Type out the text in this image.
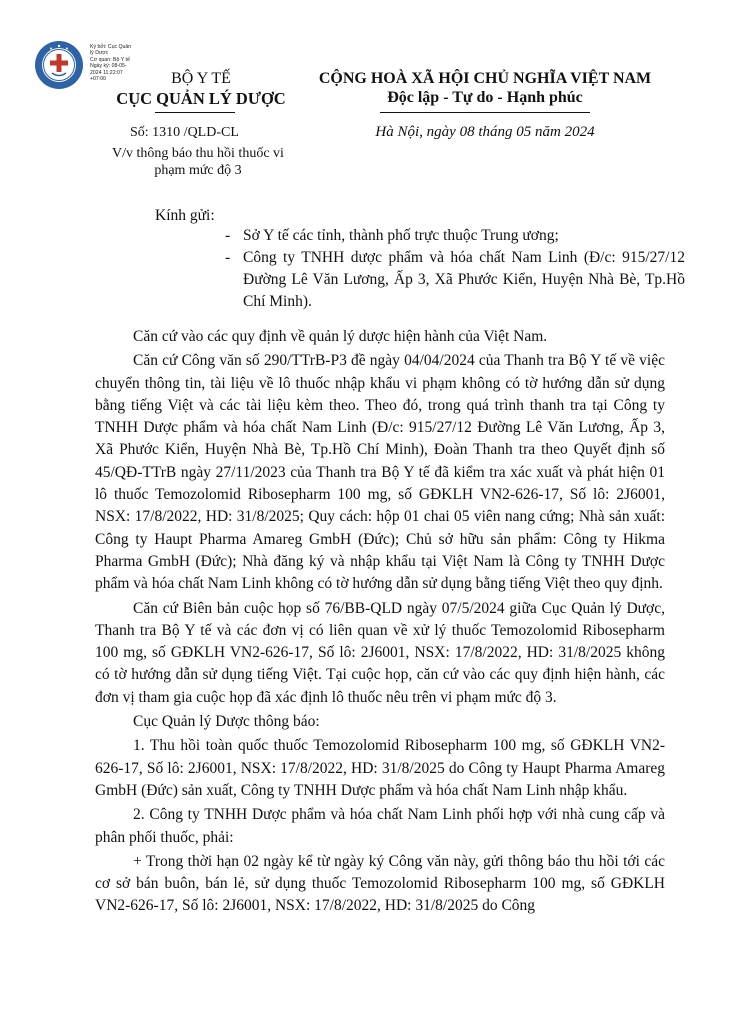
Ký bởi: Cục Quản
lý Dược
Cơ quan: Bộ Y tế
Ngày ký: 08-05-
2024 11:22:07
+07:00	BỘ Y TẾ
CỤC QUẢN LÝ DƯỢC
CỘNG HOÀ XÃ HỘI CHỦ NGHĨA VIỆT NAM
Độc lập - Tự do - Hạnh phúc
Số: 1310 /QLD-CL
V/v thông báo thu hồi thuốc vi phạm mức độ 3
Hà Nội, ngày 08 tháng 05 năm 2024
Kính gửi:
- Sở Y tế các tỉnh, thành phố trực thuộc Trung ương;
- Công ty TNHH dược phẩm và hóa chất Nam Linh (Đ/c: 915/27/12 Đường Lê Văn Lương, Ấp 3, Xã Phước Kiển, Huyện Nhà Bè, Tp.Hồ Chí Minh).

Căn cứ vào các quy định về quản lý dược hiện hành của Việt Nam.

Căn cứ Công văn số 290/TTrB-P3 đề ngày 04/04/2024 của Thanh tra Bộ Y tế về việc chuyển thông tin, tài liệu về lô thuốc nhập khẩu vi phạm không có tờ hướng dẫn sử dụng bằng tiếng Việt và các tài liệu kèm theo. Theo đó, trong quá trình thanh tra tại Công ty TNHH Dược phẩm và hóa chất Nam Linh (Đ/c: 915/27/12 Đường Lê Văn Lương, Ấp 3, Xã Phước Kiển, Huyện Nhà Bè, Tp.Hồ Chí Minh), Đoàn Thanh tra theo Quyết định số 45/QĐ-TTrB ngày 27/11/2023 của Thanh tra Bộ Y tế đã kiểm tra xác xuất và phát hiện 01 lô thuốc Temozolomid Ribosepharm 100 mg, số GĐKLH VN2-626-17, Số lô: 2J6001, NSX: 17/8/2022, HD: 31/8/2025; Quy cách: hộp 01 chai 05 viên nang cứng; Nhà sản xuất: Công ty Haupt Pharma Amareg GmbH (Đức); Chủ sở hữu sản phẩm: Công ty Hikma Pharma GmbH (Đức); Nhà đăng ký và nhập khẩu tại Việt Nam là Công ty TNHH Dược phẩm và hóa chất Nam Linh không có tờ hướng dẫn sử dụng bằng tiếng Việt theo quy định.

Căn cứ Biên bản cuộc họp số 76/BB-QLD ngày 07/5/2024 giữa Cục Quản lý Dược, Thanh tra Bộ Y tế và các đơn vị có liên quan về xử lý thuốc Temozolomid Ribosepharm 100 mg, số GĐKLH VN2-626-17, Số lô: 2J6001, NSX: 17/8/2022, HD: 31/8/2025 không có tờ hướng dẫn sử dụng tiếng Việt. Tại cuộc họp, căn cứ vào các quy định hiện hành, các đơn vị tham gia cuộc họp đã xác định lô thuốc nêu trên vi phạm mức độ 3.

Cục Quản lý Dược thông báo:

1. Thu hồi toàn quốc thuốc Temozolomid Ribosepharm 100 mg, số GĐKLH VN2-626-17, Số lô: 2J6001, NSX: 17/8/2022, HD: 31/8/2025 do Công ty Haupt Pharma Amareg GmbH (Đức) sản xuất, Công ty TNHH Dược phẩm và hóa chất Nam Linh nhập khẩu.

2. Công ty TNHH Dược phẩm và hóa chất Nam Linh phối hợp với nhà cung cấp và phân phối thuốc, phải:

+ Trong thời hạn 02 ngày kể từ ngày ký Công văn này, gửi thông báo thu hồi tới các cơ sở bán buôn, bán lẻ, sử dụng thuốc Temozolomid Ribosepharm 100 mg, số GĐKLH VN2-626-17, Số lô: 2J6001, NSX: 17/8/2022, HD: 31/8/2025 do Công
